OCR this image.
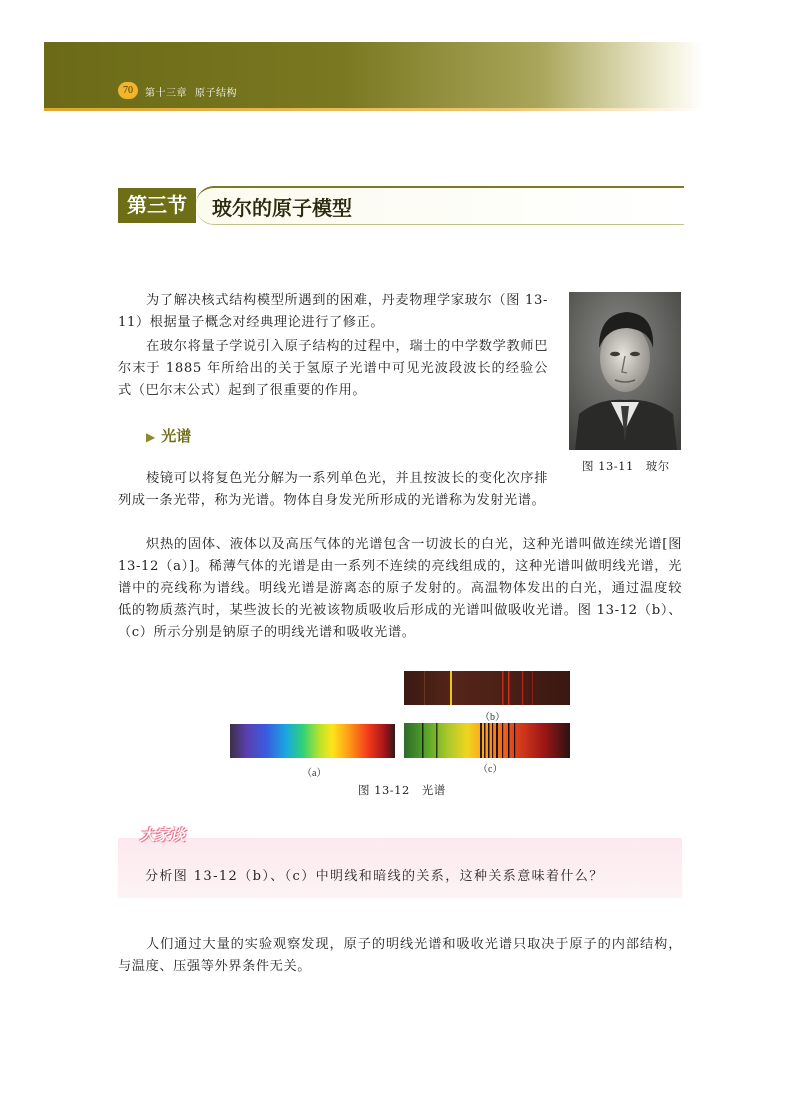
70	第十三章 原子结构
第三节	玻尔的原子模型

为了解决核式结构模型所遇到的困难，丹麦物理学家玻尔（图 13-11）根据量子概念对经典理论进行了修正。

在玻尔将量子学说引入原子结构的过程中，瑞士的中学数学教师巴尔末于 1885 年所给出的关于氢原子光谱中可见光波段波长的经验公式（巴尔末公式）起到了很重要的作用。

图 13-11　玻尔
▶ 光谱

棱镜可以将复色光分解为一系列单色光，并且按波长的变化次序排列成一条光带，称为光谱。物体自身发光所形成的光谱称为发射光谱。

炽热的固体、液体以及高压气体的光谱包含一切波长的白光，这种光谱叫做连续光谱[图 13-12（a）]。稀薄气体的光谱是由一系列不连续的亮线组成的，这种光谱叫做明线光谱，光谱中的亮线称为谱线。明线光谱是游离态的原子发射的。高温物体发出的白光，通过温度较低的物质蒸汽时，某些波长的光被该物质吸收后形成的光谱叫做吸收光谱。图 13-12（b）、（c）所示分别是钠原子的明线光谱和吸收光谱。

（b）
（a）	（c）
图 13-12　光谱
大家谈
分析图 13-12（b）、（c）中明线和暗线的关系，这种关系意味着什么？

人们通过大量的实验观察发现，原子的明线光谱和吸收光谱只取决于原子的内部结构，与温度、压强等外界条件无关。
